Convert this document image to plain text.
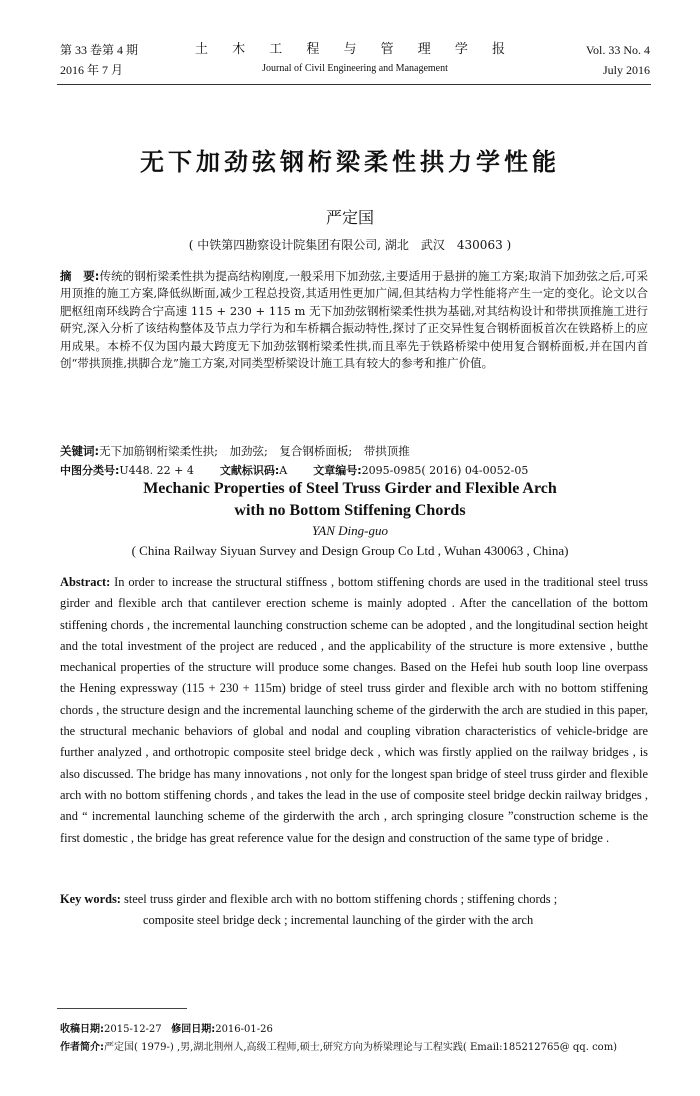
第 33 卷第 4 期
2016 年 7 月
土 木 工 程 与 管 理 学 报
Journal of Civil Engineering and Management
Vol. 33 No. 4
July 2016
无下加劲弦钢桁梁柔性拱力学性能
严定国
( 中铁第四勘察设计院集团有限公司, 湖北　武汉　430063 )
摘　要:传统的钢桁梁柔性拱为提高结构刚度,一般采用下加劲弦,主要适用于悬拼的施工方案;取消下加劲弦之后,可采用顶推的施工方案,降低纵断面,减少工程总投资,其适用性更加广阔,但其结构力学性能将产生一定的变化。论文以合肥枢纽南环线跨合宁高速 115 + 230 + 115 m 无下加劲弦钢桁梁柔性拱为基础,对其结构设计和带拱顶推施工进行研究,深入分析了该结构整体及节点力学行为和车桥耦合振动特性,探讨了正交异性复合钢桥面板首次在铁路桥上的应用成果。本桥不仅为国内最大跨度无下加劲弦钢桁梁柔性拱,而且率先于铁路桥梁中使用复合钢桥面板,并在国内首创“带拱顶推,拱脚合龙”施工方案,对同类型桥梁设计施工具有较大的参考和推广价值。
关键词:无下加筋钢桁梁柔性拱;　加劲弦;　复合钢桥面板;　带拱顶推
中图分类号:U448. 22 + 4 文献标识码:A 文章编号:2095-0985( 2016) 04-0052-05
Mechanic Properties of Steel Truss Girder and Flexible Arch
with no Bottom Stiffening Chords
YAN Ding-guo
( China Railway Siyuan Survey and Design Group Co Ltd , Wuhan 430063 , China)
Abstract: In order to increase the structural stiffness , bottom stiffening chords are used in the traditional steel truss girder and flexible arch that cantilever erection scheme is mainly adopted . After the cancellation of the bottom stiffening chords , the incremental launching construction scheme can be adopted , and the longitudinal section height and the total investment of the project are reduced , and the applicability of the structure is more extensive , butthe mechanical properties of the structure will produce some changes. Based on the Hefei hub south loop line overpass the Hening expressway (115 + 230 + 115m) bridge of steel truss girder and flexible arch with no bottom stiffening chords , the structure design and the incremental launching scheme of the girderwith the arch are studied in this paper, the structural mechanic behaviors of global and nodal and coupling vibration characteristics of vehicle-bridge are further analyzed , and orthotropic composite steel bridge deck , which was firstly applied on the railway bridges , is also discussed. The bridge has many innovations , not only for the longest span bridge of steel truss girder and flexible arch with no bottom stiffening chords , and takes the lead in the use of composite steel bridge deckin railway bridges , and “ incremental launching scheme of the girderwith the arch , arch springing closure ”construction scheme is the first domestic , the bridge has great reference value for the design and construction of the same type of bridge .
Key words: steel truss girder and flexible arch with no bottom stiffening chords ; stiffening chords ;
composite steel bridge deck ; incremental launching of the girder with the arch
收稿日期:2015-12-27 修回日期:2016-01-26
作者简介:严定国( 1979-) ,男,湖北荆州人,高级工程师,硕士,研究方向为桥梁理论与工程实践( Email:185212765@ qq. com)
